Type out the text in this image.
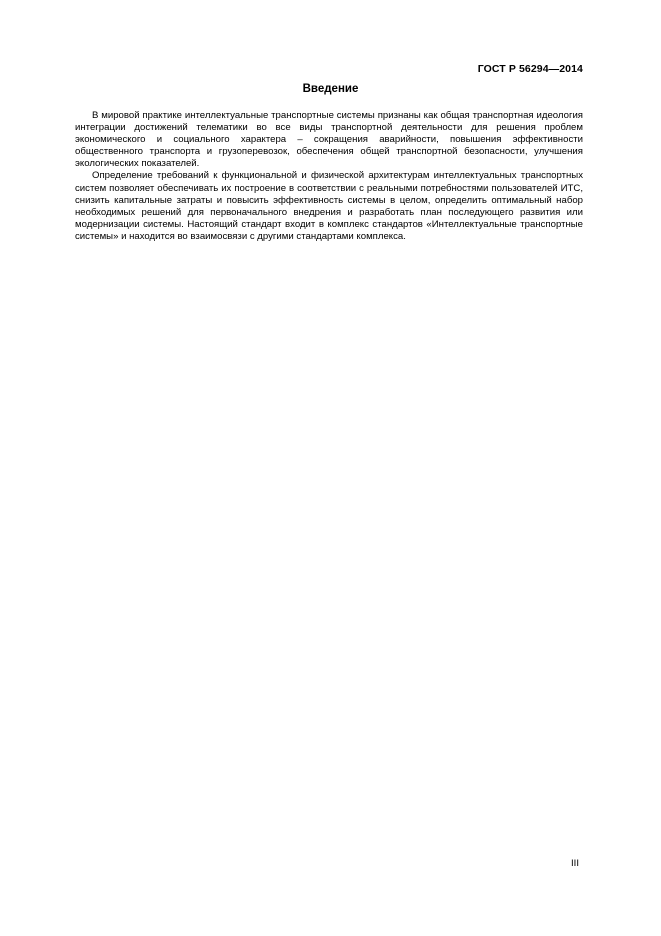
ГОСТ Р 56294—2014
Введение

В мировой практике интеллектуальные транспортные системы признаны как общая транспортная идеология интеграции достижений телематики во все виды транспортной деятельности для решения проблем экономического и социального характера – сокращения аварийности, повышения эффективности общественного транспорта и грузоперевозок, обеспечения общей транспортной безопасности, улучшения экологических показателей.

Определение требований к функциональной и физической архитектурам интеллектуальных транспортных систем позволяет обеспечивать их построение в соответствии с реальными потребностями пользователей ИТС, снизить капитальные затраты и повысить эффективность системы в целом, определить оптимальный набор необходимых решений для первоначального внедрения и разработать план последующего развития или модернизации системы. Настоящий стандарт входит в комплекс стандартов «Интеллектуальные транспортные системы» и находится во взаимосвязи с другими стандартами комплекса.

III
